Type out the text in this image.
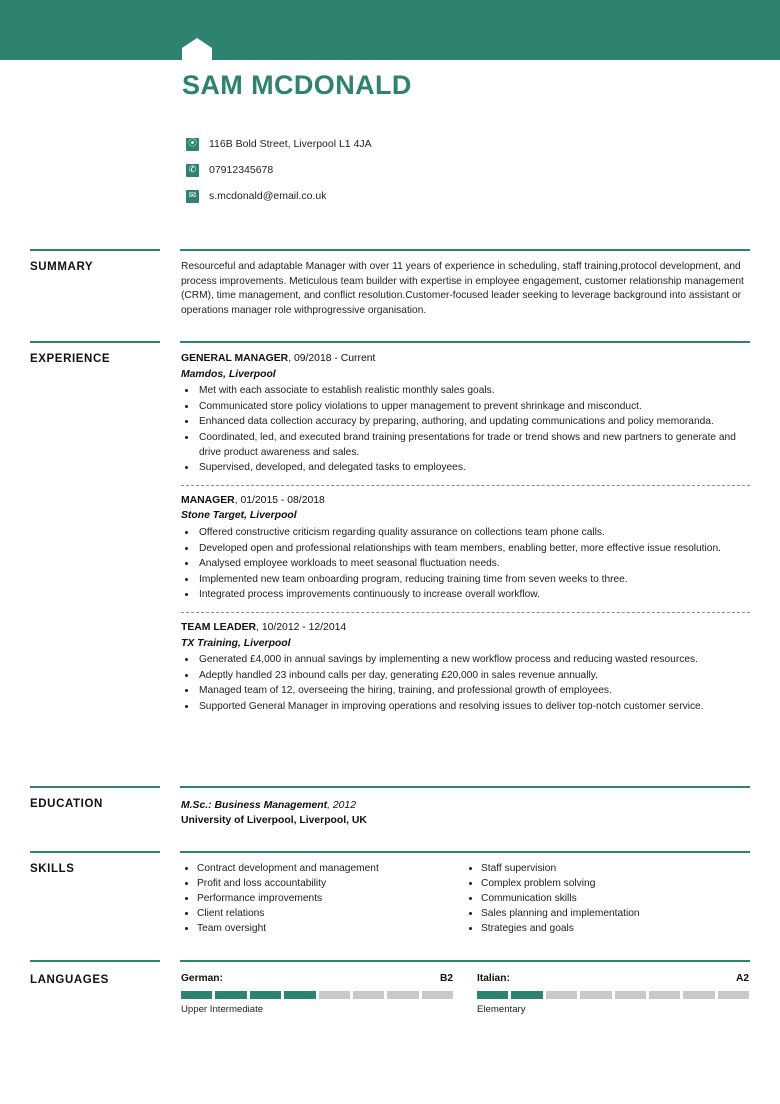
SAM MCDONALD
⦿ 116B Bold Street, Liverpool L1 4JA
✆ 07912345678
✉ s.mcdonald@email.co.uk
SUMMARY	Resourceful and adaptable Manager with over 11 years of experience in scheduling, staff training,protocol development, and process improvements. Meticulous team builder with expertise in employee engagement, customer relationship management (CRM), time management, and conflict resolution.Customer-focused leader seeking to leverage background into assistant or operations manager role withprogressive organisation.
EXPERIENCE	GENERAL MANAGER, 09/2018 - Current
Mamdos, Liverpool
• Met with each associate to establish realistic monthly sales goals.
• Communicated store policy violations to upper management to prevent shrinkage and misconduct.
• Enhanced data collection accuracy by preparing, authoring, and updating communications and policy memoranda.
• Coordinated, led, and executed brand training presentations for trade or trend shows and new partners to generate and drive product awareness and sales.
• Supervised, developed, and delegated tasks to employees.
MANAGER, 01/2015 - 08/2018
Stone Target, Liverpool
• Offered constructive criticism regarding quality assurance on collections team phone calls.
• Developed open and professional relationships with team members, enabling better, more effective issue resolution.
• Analysed employee workloads to meet seasonal fluctuation needs.
• Implemented new team onboarding program, reducing training time from seven weeks to three.
• Integrated process improvements continuously to increase overall workflow.
TEAM LEADER, 10/2012 - 12/2014
TX Training, Liverpool
• Generated £4,000 in annual savings by implementing a new workflow process and reducing wasted resources.
• Adeptly handled 23 inbound calls per day, generating £20,000 in sales revenue annually.
• Managed team of 12, overseeing the hiring, training, and professional growth of employees.
• Supported General Manager in improving operations and resolving issues to deliver top-notch customer service.
EDUCATION	M.Sc.: Business Management, 2012
University of Liverpool, Liverpool, UK
SKILLS	• Contract development and management
• Profit and loss accountability
• Performance improvements
• Client relations
• Team oversight
• Staff supervision
• Complex problem solving
• Communication skills
• Sales planning and implementation
• Strategies and goals
LANGUAGES	German:	B2
Upper Intermediate
Italian:	A2
Elementary
